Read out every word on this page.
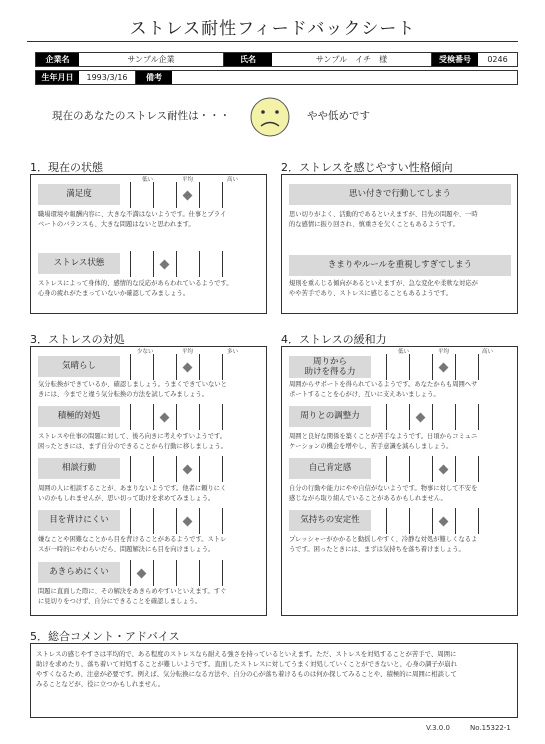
ストレス耐性フィードバックシート
企業名	サンプル企業	氏名	サンプル　イチ　様	受検番号	0246
生年月日	1993/3/16	備考
現在のあなたのストレス耐性は・・・	やや低めです
1．現在の状態
低い	平均	高い
満足度
職場環境や報酬内容に、大きな不満はないようです。仕事とプライ
ベートのバランスも、大きな問題はないと思われます。
ストレス状態
ストレスによって身体的、感情的な反応があらわれているようです。
心身の疲れがたまっていないか確認してみましょう。
2．ストレスを感じやすい性格傾向
思い付きで行動してしまう
思い切りがよく、活動的であるといえますが、目先の問題や、一時
的な感情に振り回され、慎重さを欠くこともあるようです。
きまりやルールを重視しすぎてしまう
規則を重んじる傾向があるといえますが、急な変化や柔軟な対応が
やや苦手であり、ストレスに感じることもあるようです。
3．ストレスの対処
少ない	平均	多い
気晴らし
気分転換ができているか、確認しましょう。うまくできていないと
きには、今までと違う気分転換の方法を試してみましょう。
積極的対処
ストレスや仕事の問題に対して、後ろ向きに考えやすいようです。
困ったときには、まず自分のできることから行動に移しましょう。
相談行動
周囲の人に相談することが、あまりないようです。他者に頼りにく
いのかもしれませんが、思い切って助けを求めてみましょう。
目を背けにくい
嫌なことや困難なことから目を背けることがあるようです。ストレ
スが一時的にやわらいだら、問題解決にも目を向けましょう。
あきらめにくい
問題に直面した際に、その解決をあきらめやすいといえます。すぐ
に見切りをつけず、自分にできることを確認しましょう。
4．ストレスの緩和力
低い	平均	高い
周りから
助けを得る力
周囲からサポートを得られているようです。あなたからも周囲へサ
ポートすることを心がけ、互いに支えあいましょう。
周りとの調整力
周囲と良好な関係を築くことが苦手なようです。日頃からコミュニ
ケーションの機会を増やし、苦手意識を減らしましょう。
自己肯定感
自分の行動や能力にやや自信がないようです。物事に対して不安を
感じながら取り組んでいることがあるかもしれません。
気持ちの安定性
プレッシャーがかかると動揺しやすく、冷静な対処が難しくなるよ
うです。困ったときには、まずは気持ちを落ち着けましょう。
5．総合コメント・アドバイス
ストレスの感じやすさは平均的で、ある程度のストレスなら耐える強さを持っているといえます。ただ、ストレスを対処することが苦手で、周囲に
助けを求めたり、落ち着いて対処することが難しいようです。直面したストレスに対してうまく対処していくことができないと、心身の調子が崩れ
やすくなるため、注意が必要です。例えば、気分転換になる方法や、自分の心が落ち着けるものは何か探してみることや、積極的に周囲に相談して
みることなどが、役に立つかもしれません。
V.3.0.0	No.15322-1
